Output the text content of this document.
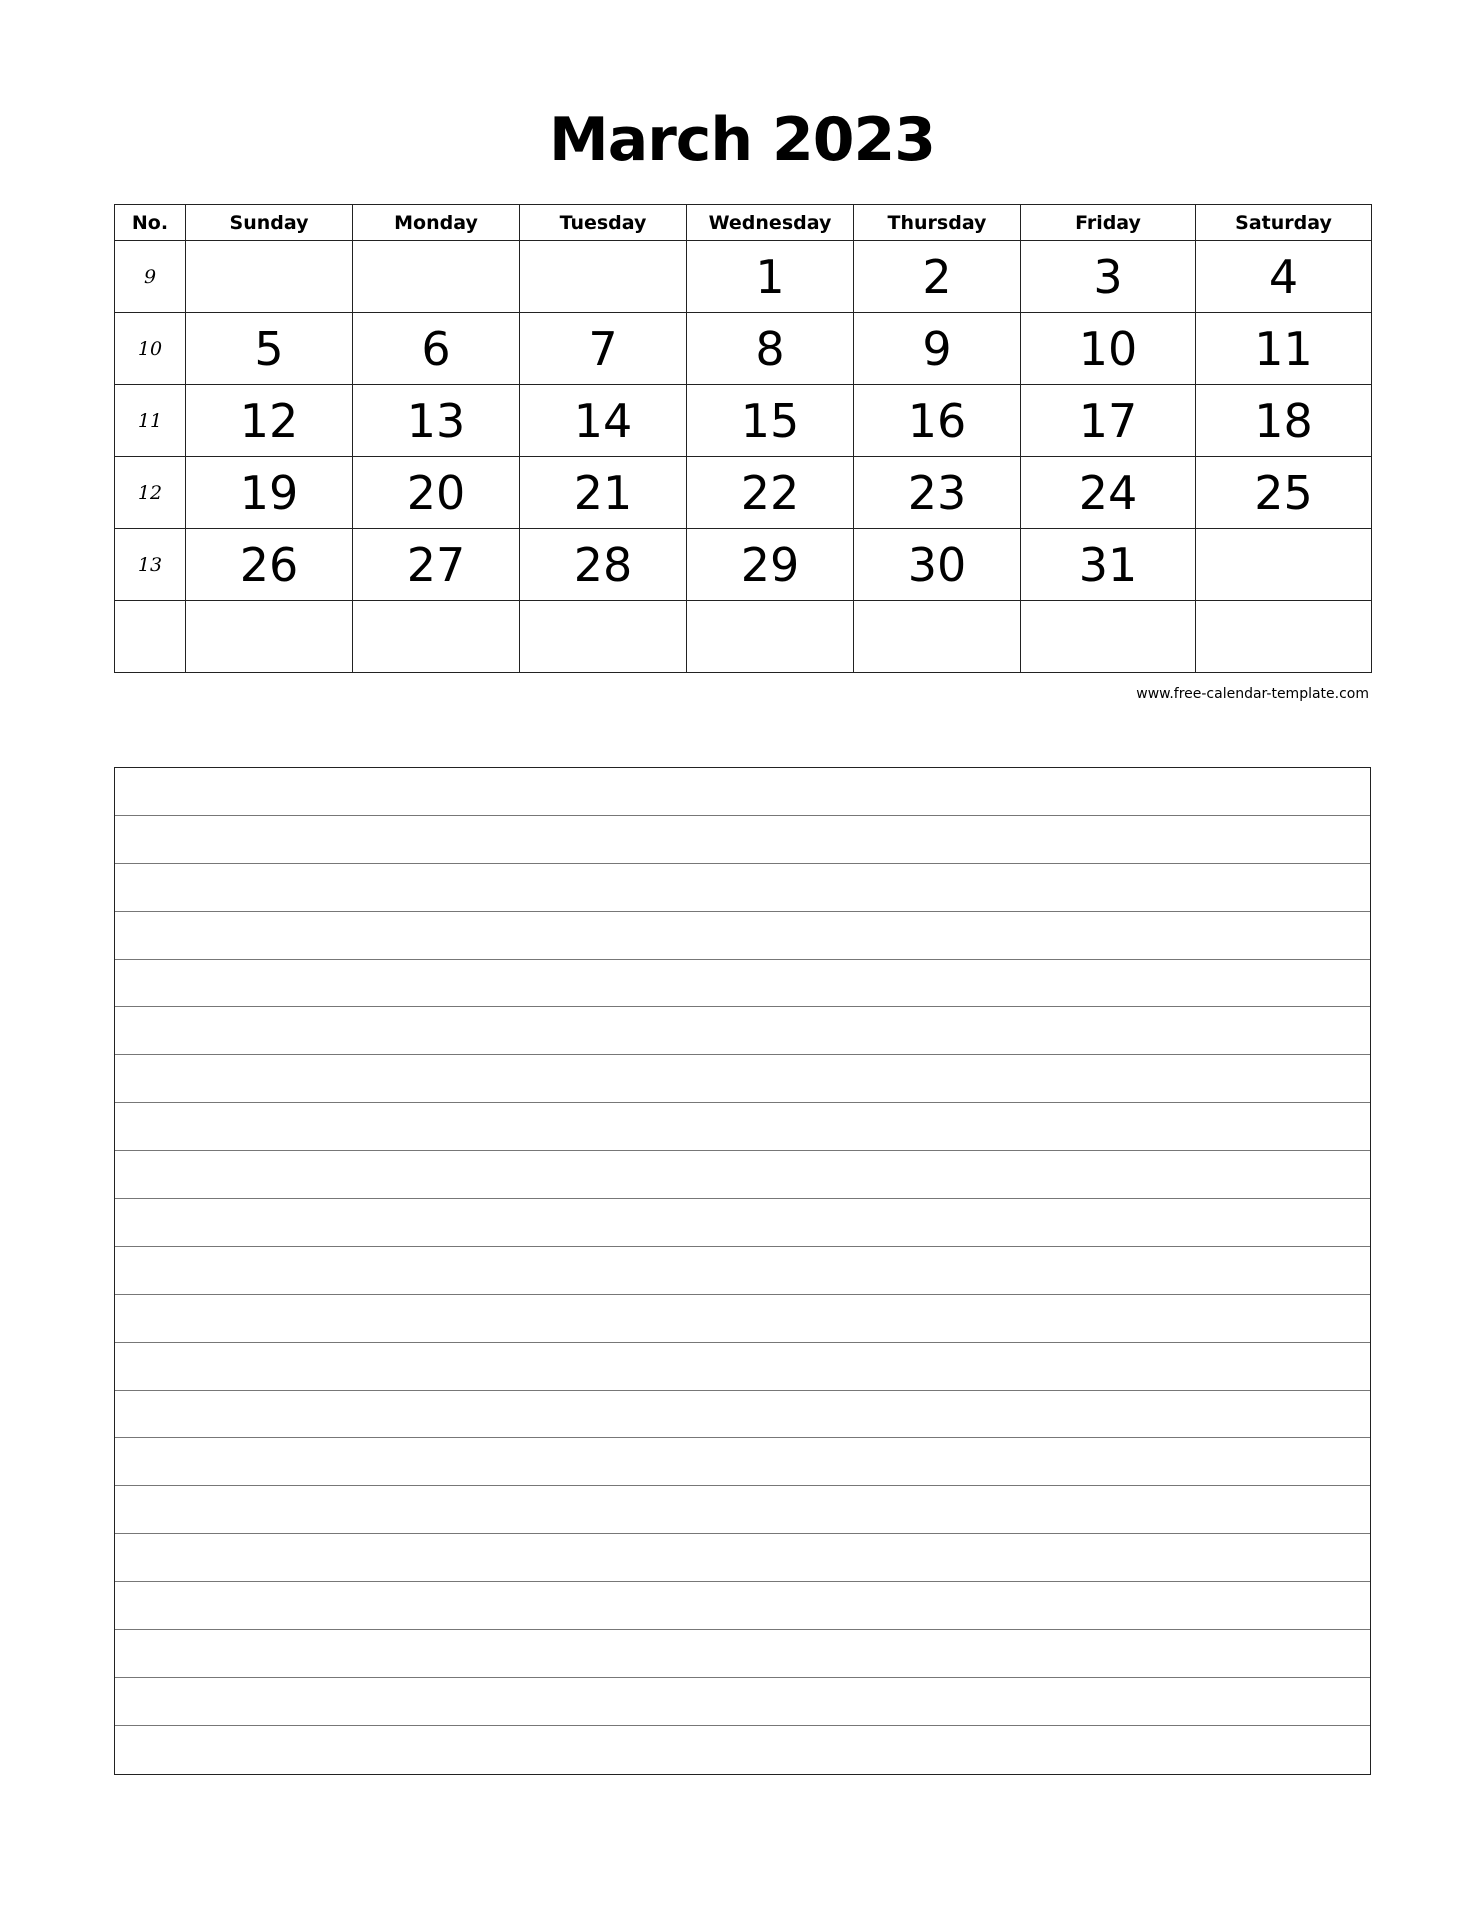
March 2023
No.	Sunday	Monday	Tuesday	Wednesday	Thursday	Friday	Saturday
9				1	2	3	4
10	5	6	7	8	9	10	11
11	12	13	14	15	16	17	18
12	19	20	21	22	23	24	25
13	26	27	28	29	30	31	

www.free-calendar-template.com
